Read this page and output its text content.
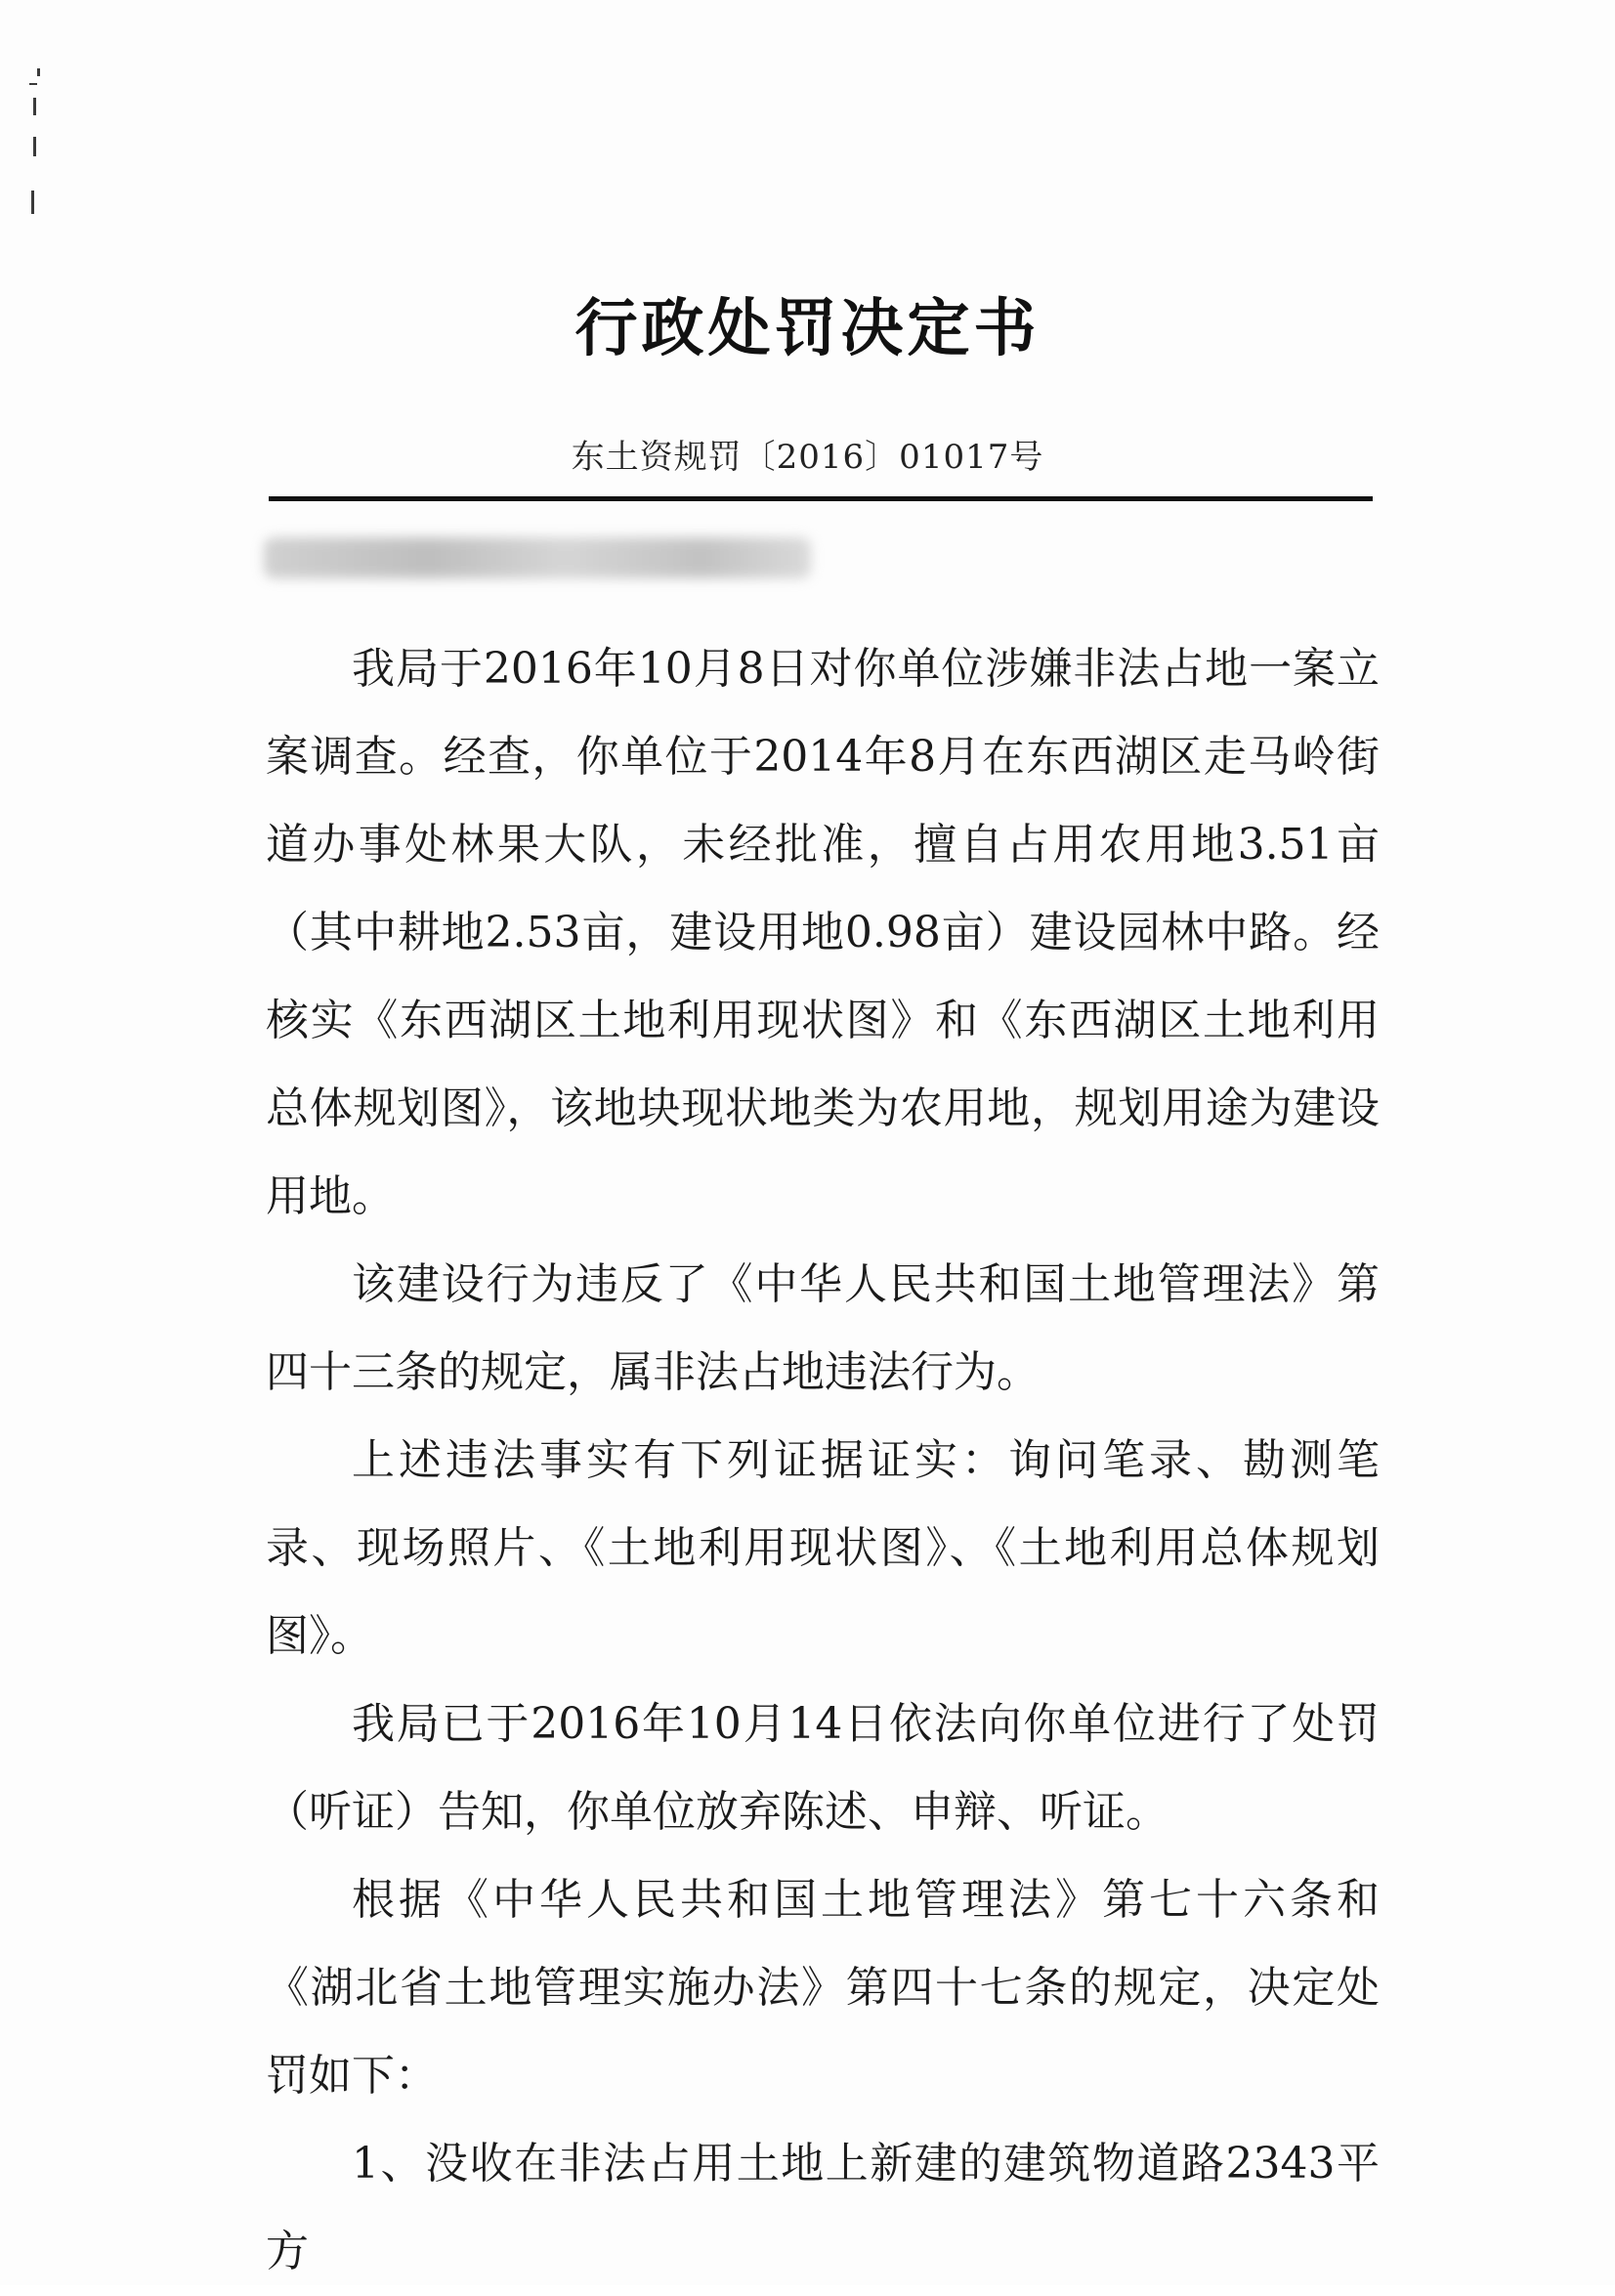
行政处罚决定书
东土资规罚〔2016〕01017号

我局于2016年10月8日对你单位涉嫌非法占地一案立案调查。经查，你单位于2014年8月在东西湖区走马岭街道办事处林果大队，未经批准，擅自占用农用地3.51亩（其中耕地2.53亩，建设用地0.98亩）建设园林中路。经核实《东西湖区土地利用现状图》和《东西湖区土地利用总体规划图》，该地块现状地类为农用地，规划用途为建设用地。

该建设行为违反了《中华人民共和国土地管理法》第四十三条的规定，属非法占地违法行为。

上述违法事实有下列证据证实：询问笔录、勘测笔录、现场照片、《土地利用现状图》、《土地利用总体规划图》。

我局已于2016年10月14日依法向你单位进行了处罚（听证）告知，你单位放弃陈述、申辩、听证。

根据《中华人民共和国土地管理法》第七十六条和《湖北省土地管理实施办法》第四十七条的规定，决定处罚如下：

1、没收在非法占用土地上新建的建筑物道路2343平方
